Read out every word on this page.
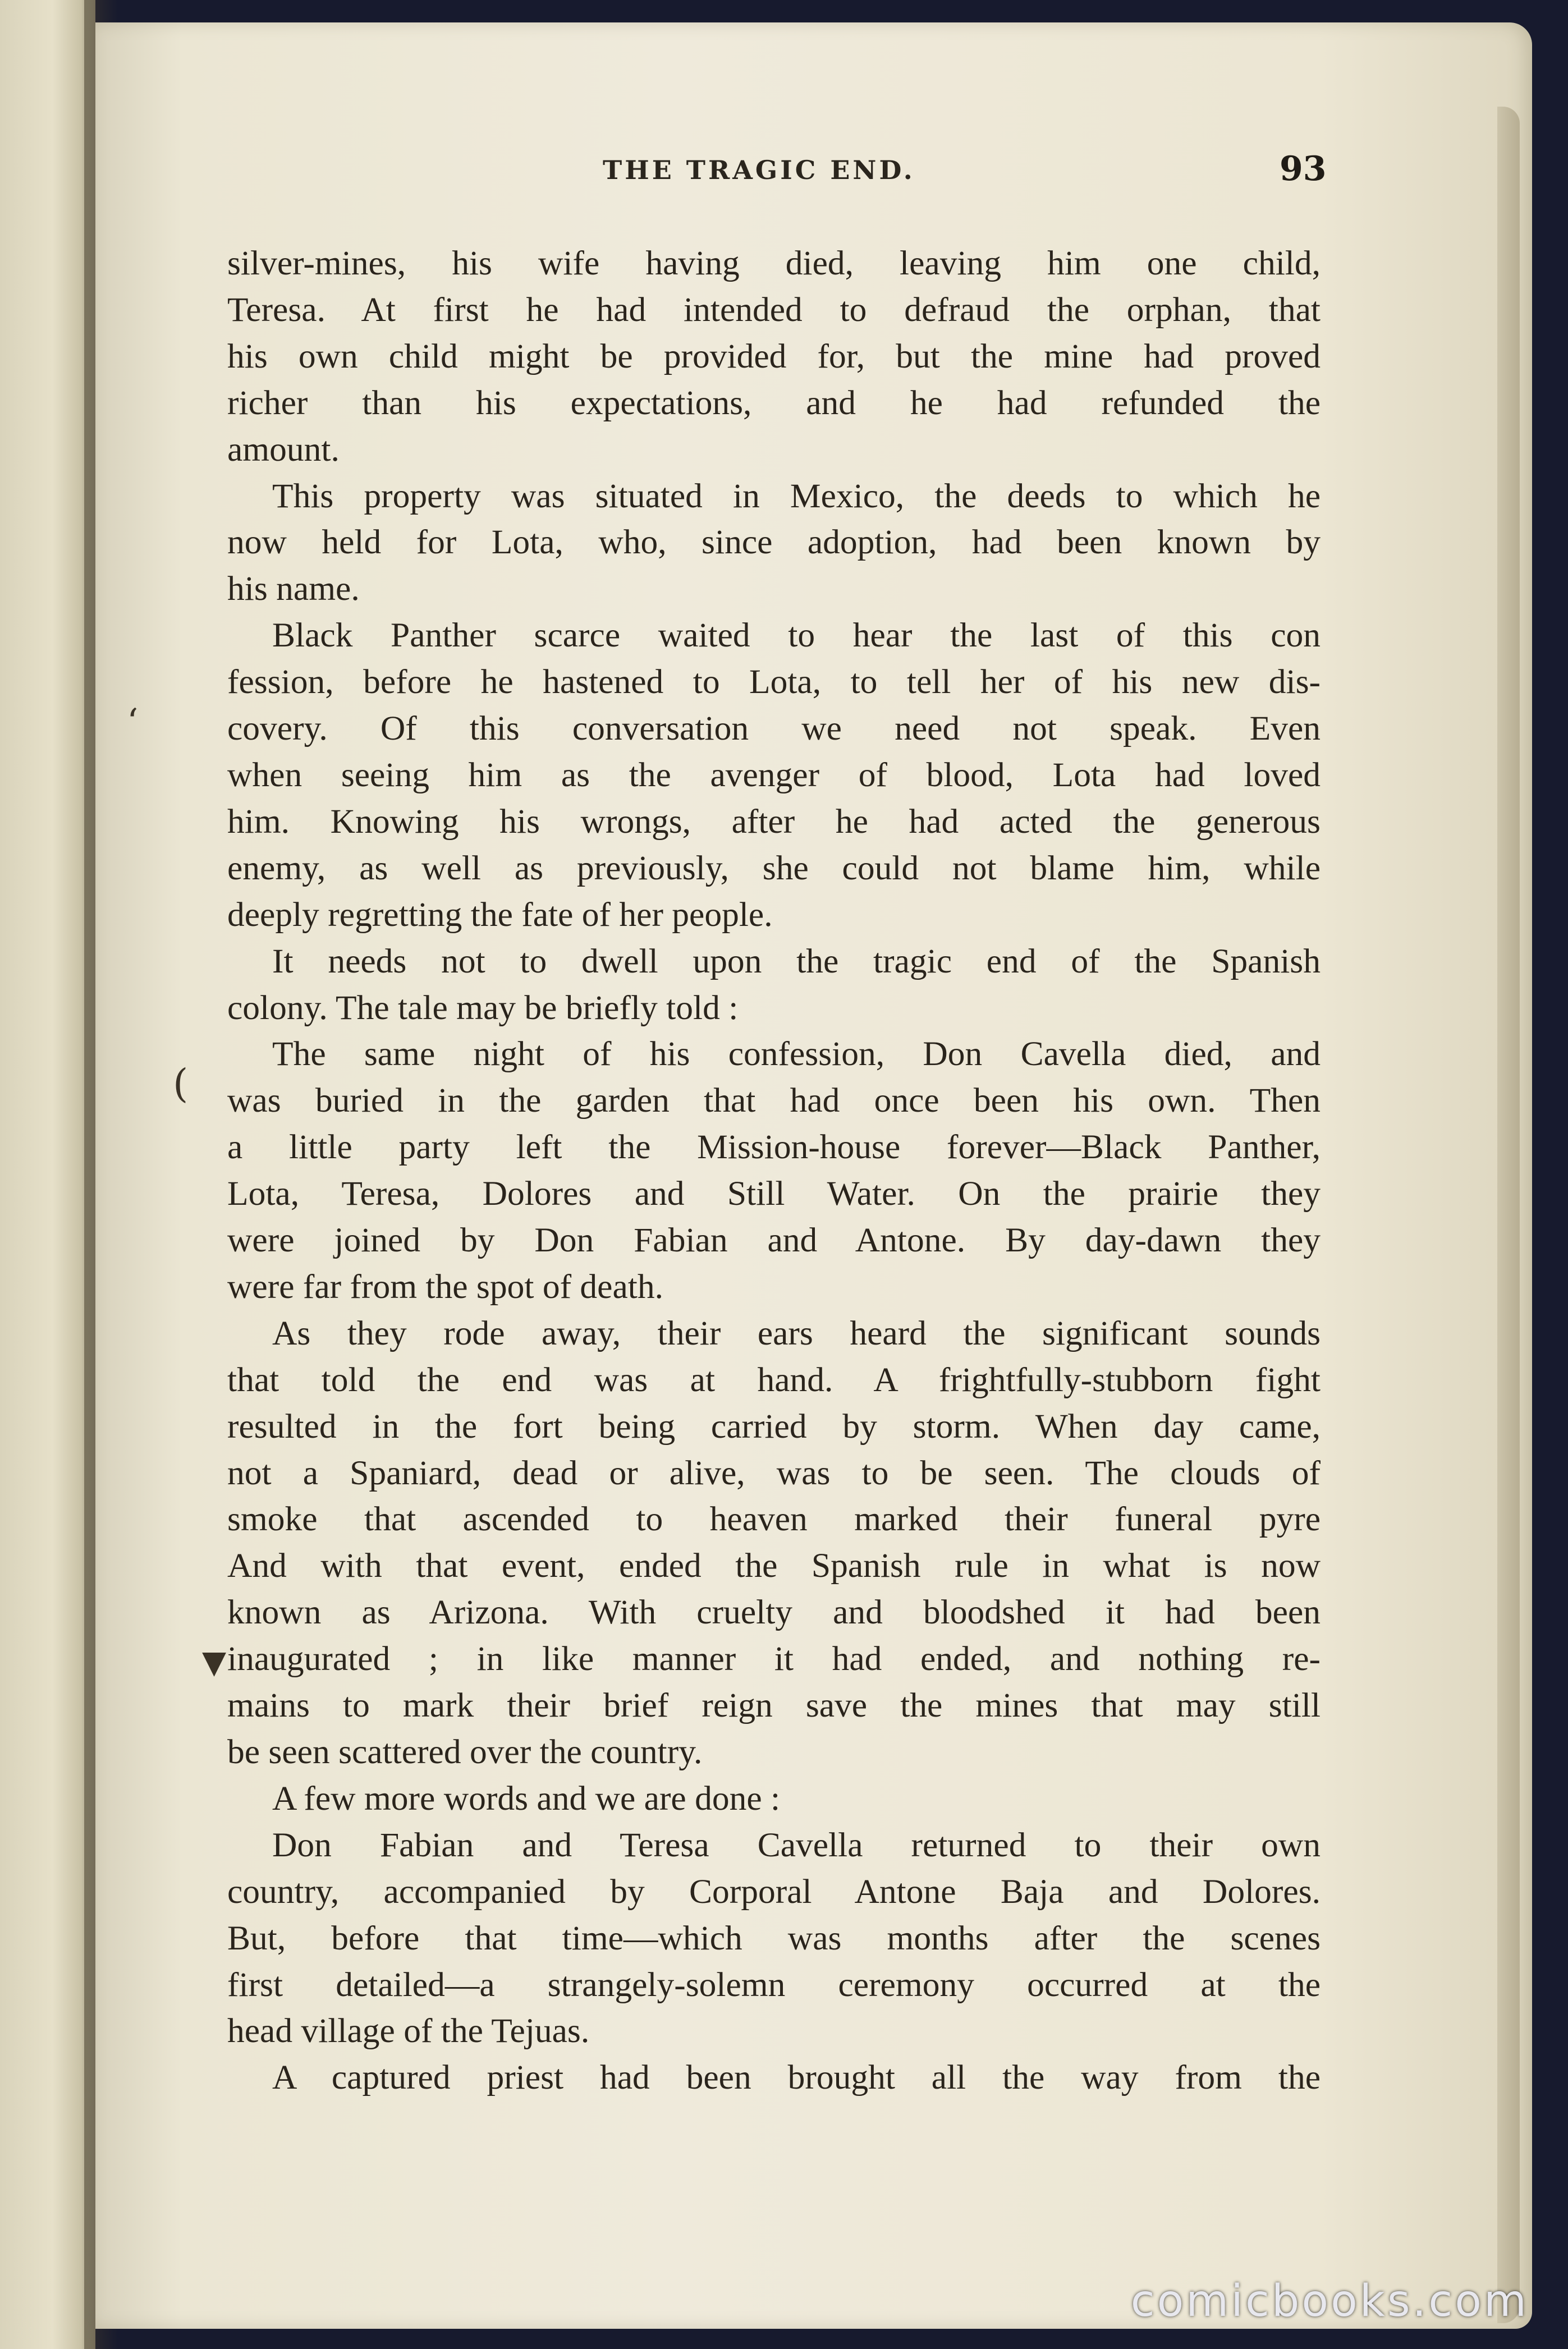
THE TRAGIC END.	93
silver-mines, his wife having died, leaving him one child,
Teresa. At first he had intended to defraud the orphan, that
his own child might be provided for, but the mine had proved
richer than his expectations, and he had refunded the
amount.
This property was situated in Mexico, the deeds to which he
now held for Lota, who, since adoption, had been known by
his name.
Black Panther scarce waited to hear the last of this con
fession, before he hastened to Lota, to tell her of his new dis-
covery. Of this conversation we need not speak. Even
when seeing him as the avenger of blood, Lota had loved
him. Knowing his wrongs, after he had acted the generous
enemy, as well as previously, she could not blame him, while
deeply regretting the fate of her people.
It needs not to dwell upon the tragic end of the Spanish
colony. The tale may be briefly told :
The same night of his confession, Don Cavella died, and
was buried in the garden that had once been his own. Then
a little party left the Mission-house forever—Black Panther,
Lota, Teresa, Dolores and Still Water. On the prairie they
were joined by Don Fabian and Antone. By day-dawn they
were far from the spot of death.
As they rode away, their ears heard the significant sounds
that told the end was at hand. A frightfully-stubborn fight
resulted in the fort being carried by storm. When day came,
not a Spaniard, dead or alive, was to be seen. The clouds of
smoke that ascended to heaven marked their funeral pyre
And with that event, ended the Spanish rule in what is now
known as Arizona. With cruelty and bloodshed it had been
inaugurated ; in like manner it had ended, and nothing re-
mains to mark their brief reign save the mines that may still
be seen scattered over the country.
A few more words and we are done :
Don Fabian and Teresa Cavella returned to their own
country, accompanied by Corporal Antone Baja and Dolores.
But, before that time—which was months after the scenes
first detailed—a strangely-solemn ceremony occurred at the
head village of the Tejuas.
A captured priest had been brought all the way from the
‘
(
▼
comicbooks.com
